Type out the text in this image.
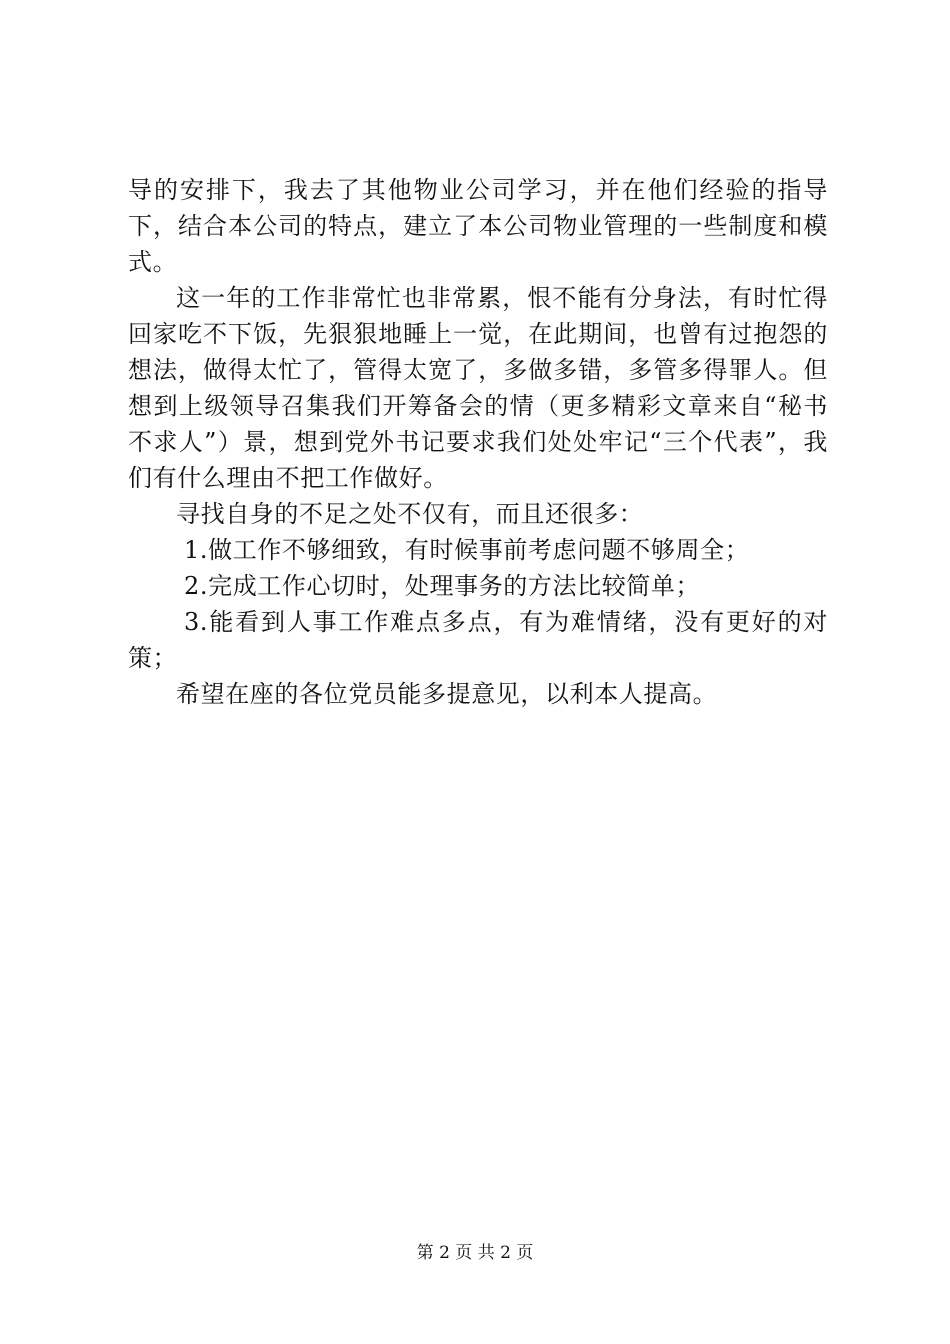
导的安排下，我去了其他物业公司学习，并在他们经验的指导下，结合本公司的特点，建立了本公司物业管理的一些制度和模式。

这一年的工作非常忙也非常累，恨不能有分身法，有时忙得回家吃不下饭，先狠狠地睡上一觉，在此期间，也曾有过抱怨的想法，做得太忙了，管得太宽了，多做多错，多管多得罪人。但想到上级领导召集我们开筹备会的情（更多精彩文章来自“秘书不求人”）景，想到党外书记要求我们处处牢记“三个代表”，我们有什么理由不把工作做好。

寻找自身的不足之处不仅有，而且还很多：

1.做工作不够细致，有时候事前考虑问题不够周全；

2.完成工作心切时，处理事务的方法比较简单；

3.能看到人事工作难点多点，有为难情绪，没有更好的对策；

希望在座的各位党员能多提意见，以利本人提高。

第 2 页 共 2 页
